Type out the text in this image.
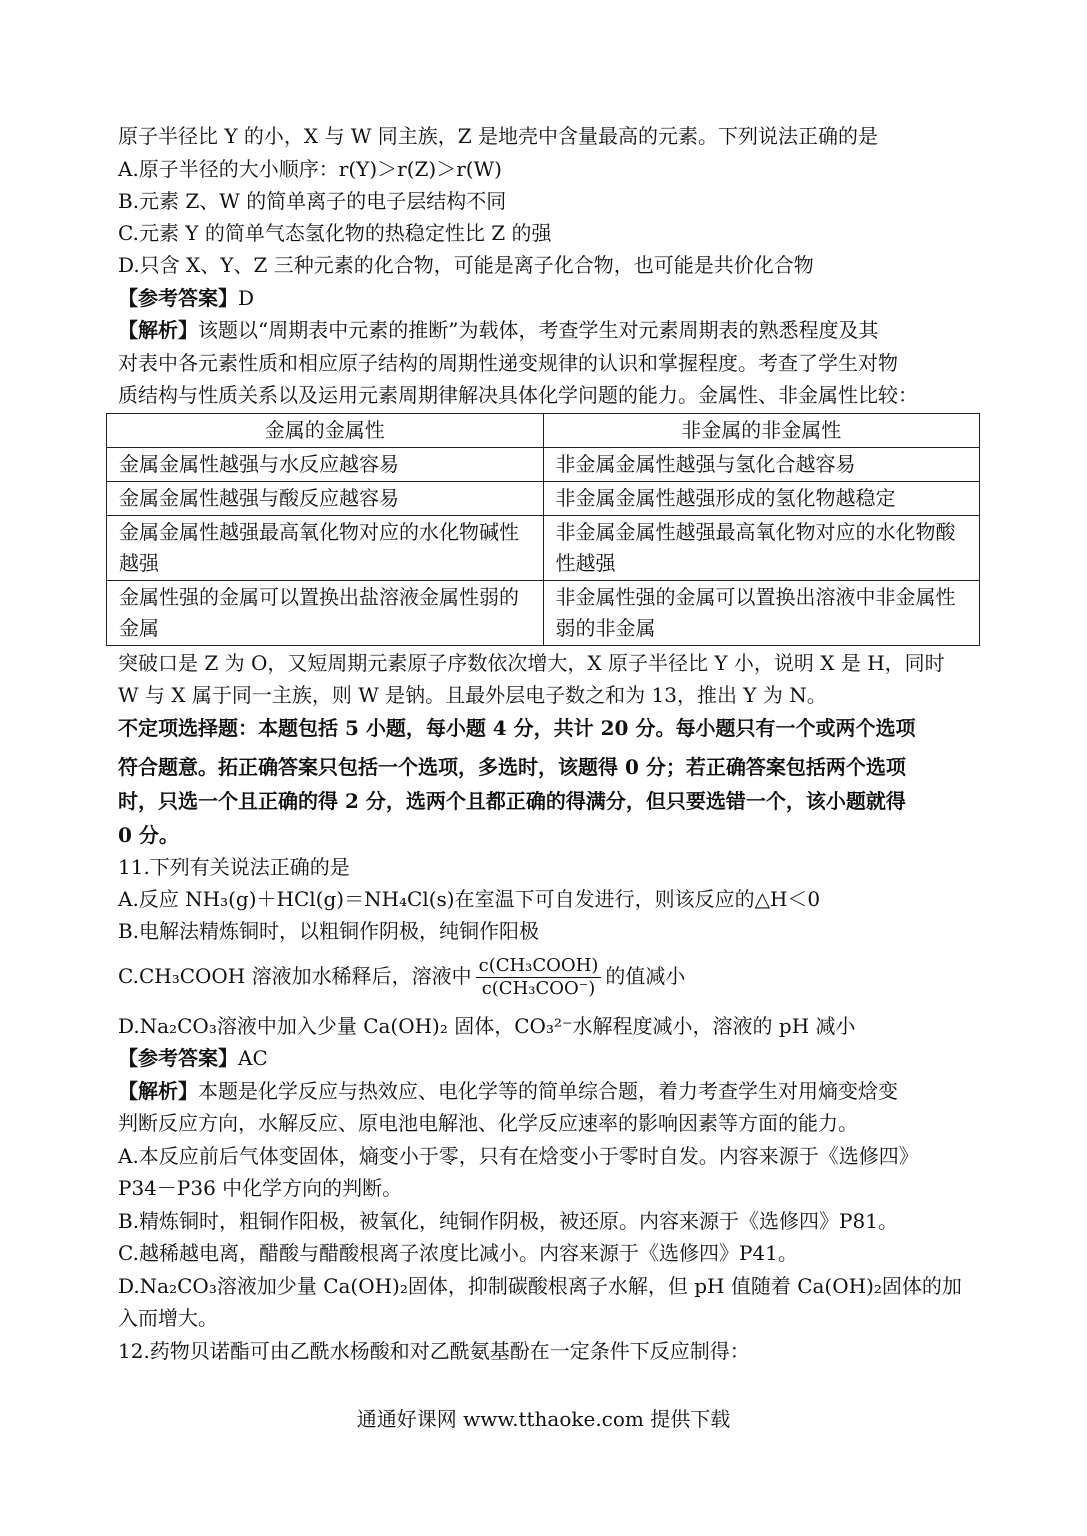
原子半径比 Y 的小，X 与 W 同主族，Z 是地壳中含量最高的元素。下列说法正确的是
A.原子半径的大小顺序：r(Y)＞r(Z)＞r(W)
B.元素 Z、W 的简单离子的电子层结构不同
C.元素 Y 的简单气态氢化物的热稳定性比 Z 的强
D.只含 X、Y、Z 三种元素的化合物，可能是离子化合物，也可能是共价化合物
【参考答案】D
【解析】该题以“周期表中元素的推断”为载体，考查学生对元素周期表的熟悉程度及其
对表中各元素性质和相应原子结构的周期性递变规律的认识和掌握程度。考查了学生对物
质结构与性质关系以及运用元素周期律解决具体化学问题的能力。金属性、非金属性比较：
金属的金属性	非金属的非金属性
金属金属性越强与水反应越容易	非金属金属性越强与氢化合越容易
金属金属性越强与酸反应越容易	非金属金属性越强形成的氢化物越稳定
金属金属性越强最高氧化物对应的水化物碱性越强	非金属金属性越强最高氧化物对应的水化物酸性越强
金属性强的金属可以置换出盐溶液金属性弱的金属	非金属性强的金属可以置换出溶液中非金属性弱的非金属
突破口是 Z 为 O，又短周期元素原子序数依次增大，X 原子半径比 Y 小，说明 X 是 H，同时
W 与 X 属于同一主族，则 W 是钠。且最外层电子数之和为 13，推出 Y 为 N。
不定项选择题：本题包括 5 小题，每小题 4 分，共计 20 分。每小题只有一个或两个选项
符合题意。拓正确答案只包括一个选项，多选时，该题得 0 分；若正确答案包括两个选项
时，只选一个且正确的得 2 分，选两个且都正确的得满分，但只要选错一个，该小题就得
0 分。
11.下列有关说法正确的是
A.反应 NH₃(g)＋HCl(g)＝NH₄Cl(s)在室温下可自发进行，则该反应的△H＜0
B.电解法精炼铜时，以粗铜作阴极，纯铜作阳极
C.CH₃COOH 溶液加水稀释后，溶液中 $\frac{\text{c(CH₃COOH)}}{\text{c(CH₃COO⁻)}}$ 的值减小
D.Na₂CO₃溶液中加入少量 Ca(OH)₂ 固体，CO₃²⁻水解程度减小，溶液的 pH 减小
【参考答案】AC
【解析】本题是化学反应与热效应、电化学等的简单综合题，着力考查学生对用熵变焓变
判断反应方向，水解反应、原电池电解池、化学反应速率的影响因素等方面的能力。
A.本反应前后气体变固体，熵变小于零，只有在焓变小于零时自发。内容来源于《选修四》
P34－P36 中化学方向的判断。
B.精炼铜时，粗铜作阳极，被氧化，纯铜作阴极，被还原。内容来源于《选修四》P81。
C.越稀越电离，醋酸与醋酸根离子浓度比减小。内容来源于《选修四》P41。
D.Na₂CO₃溶液加少量 Ca(OH)₂固体，抑制碳酸根离子水解，但 pH 值随着 Ca(OH)₂固体的加
入而增大。
12.药物贝诺酯可由乙酰水杨酸和对乙酰氨基酚在一定条件下反应制得：
通通好课网 www.tthaoke.com 提供下载
